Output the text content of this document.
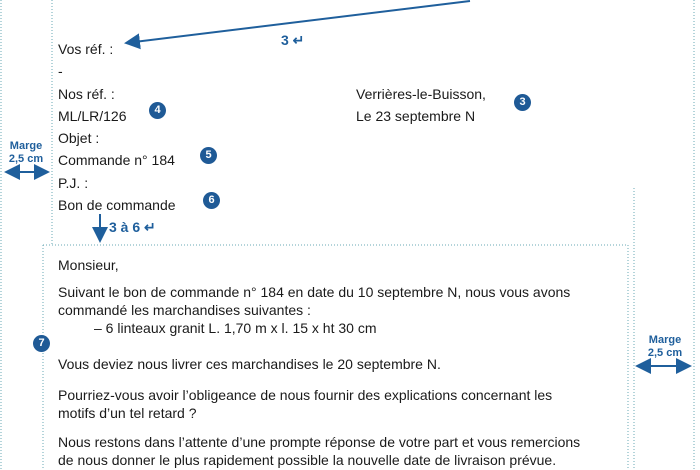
3 ↵
3 à 6 ↵
Vos réf. :
-
Nos réf. :
ML/LR/126
Objet :
Commande n° 184
P.J. :
Bon de commande
Verrières-le-Buisson,
Le 23 septembre N
4
3
5
6
7
Marge
2,5 cm
Marge
2,5 cm
Monsieur,
Suivant le bon de commande n° 184 en date du 10 septembre N, nous vous avons
commandé les marchandises suivantes :
– 6 linteaux granit L. 1,70 m x l. 15 x ht 30 cm
Vous deviez nous livrer ces marchandises le 20 septembre N.
Pourriez-vous avoir l’obligeance de nous fournir des explications concernant les
motifs d’un tel retard ?
Nous restons dans l’attente d’une prompte réponse de votre part et vous remercions
de nous donner le plus rapidement possible la nouvelle date de livraison prévue.
